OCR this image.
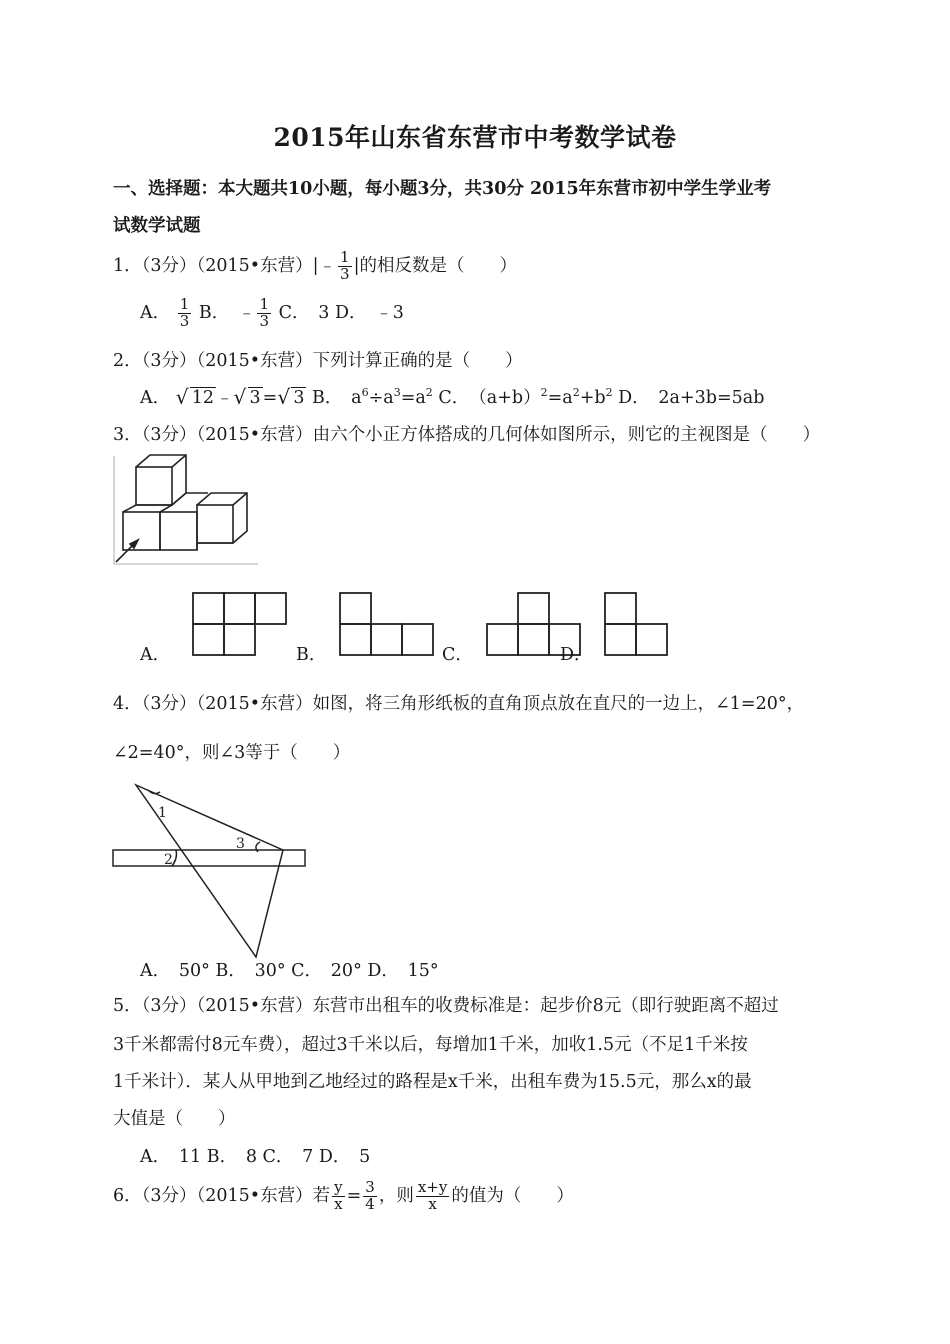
2015年山东省东营市中考数学试卷
一、选择题：本大题共10小题，每小题3分，共30分 2015年东营市初中学生学业考
试数学试题
1．（3分）（2015•东营）|﹣ $\frac{1}{3}$ |的相反数是（　　）
A． $\frac{1}{3}$ B．　﹣ $\frac{1}{3}$ C．　3 D．　﹣3
2．（3分）（2015•东营）下列计算正确的是（　　）
A． √ 12 ﹣ √ 3 = √ 3 B．　$a^6\div a^3=a^2$ C．　$(a+b)^2=a^2+b^2$ D．　2a+3b=5ab
3．（3分）（2015•东营）由六个小正方体搭成的几何体如图所示，则它的主视图是（　　）
A．	B．	C．	D．
4．（3分）（2015•东营）如图，将三角形纸板的直角顶点放在直尺的一边上，∠1=20°，
∠2=40°，则∠3等于（　　）
1
2
3
A．　50° B．　30° C．　20° D．　15°
5．（3分）（2015•东营）东营市出租车的收费标准是：起步价8元（即行驶距离不超过
3千米都需付8元车费），超过3千米以后，每增加1千米，加收1.5元（不足1千米按
1千米计）．某人从甲地到乙地经过的路程是x千米，出租车费为15.5元，那么x的最
大值是（　　）
A．　11 B．　8 C．　7 D．　5
6．（3分）（2015•东营）若 $\frac{y}{x} = \frac{3}{4}$ ，则 $\frac{x+y}{x}$ 的值为（　　）
